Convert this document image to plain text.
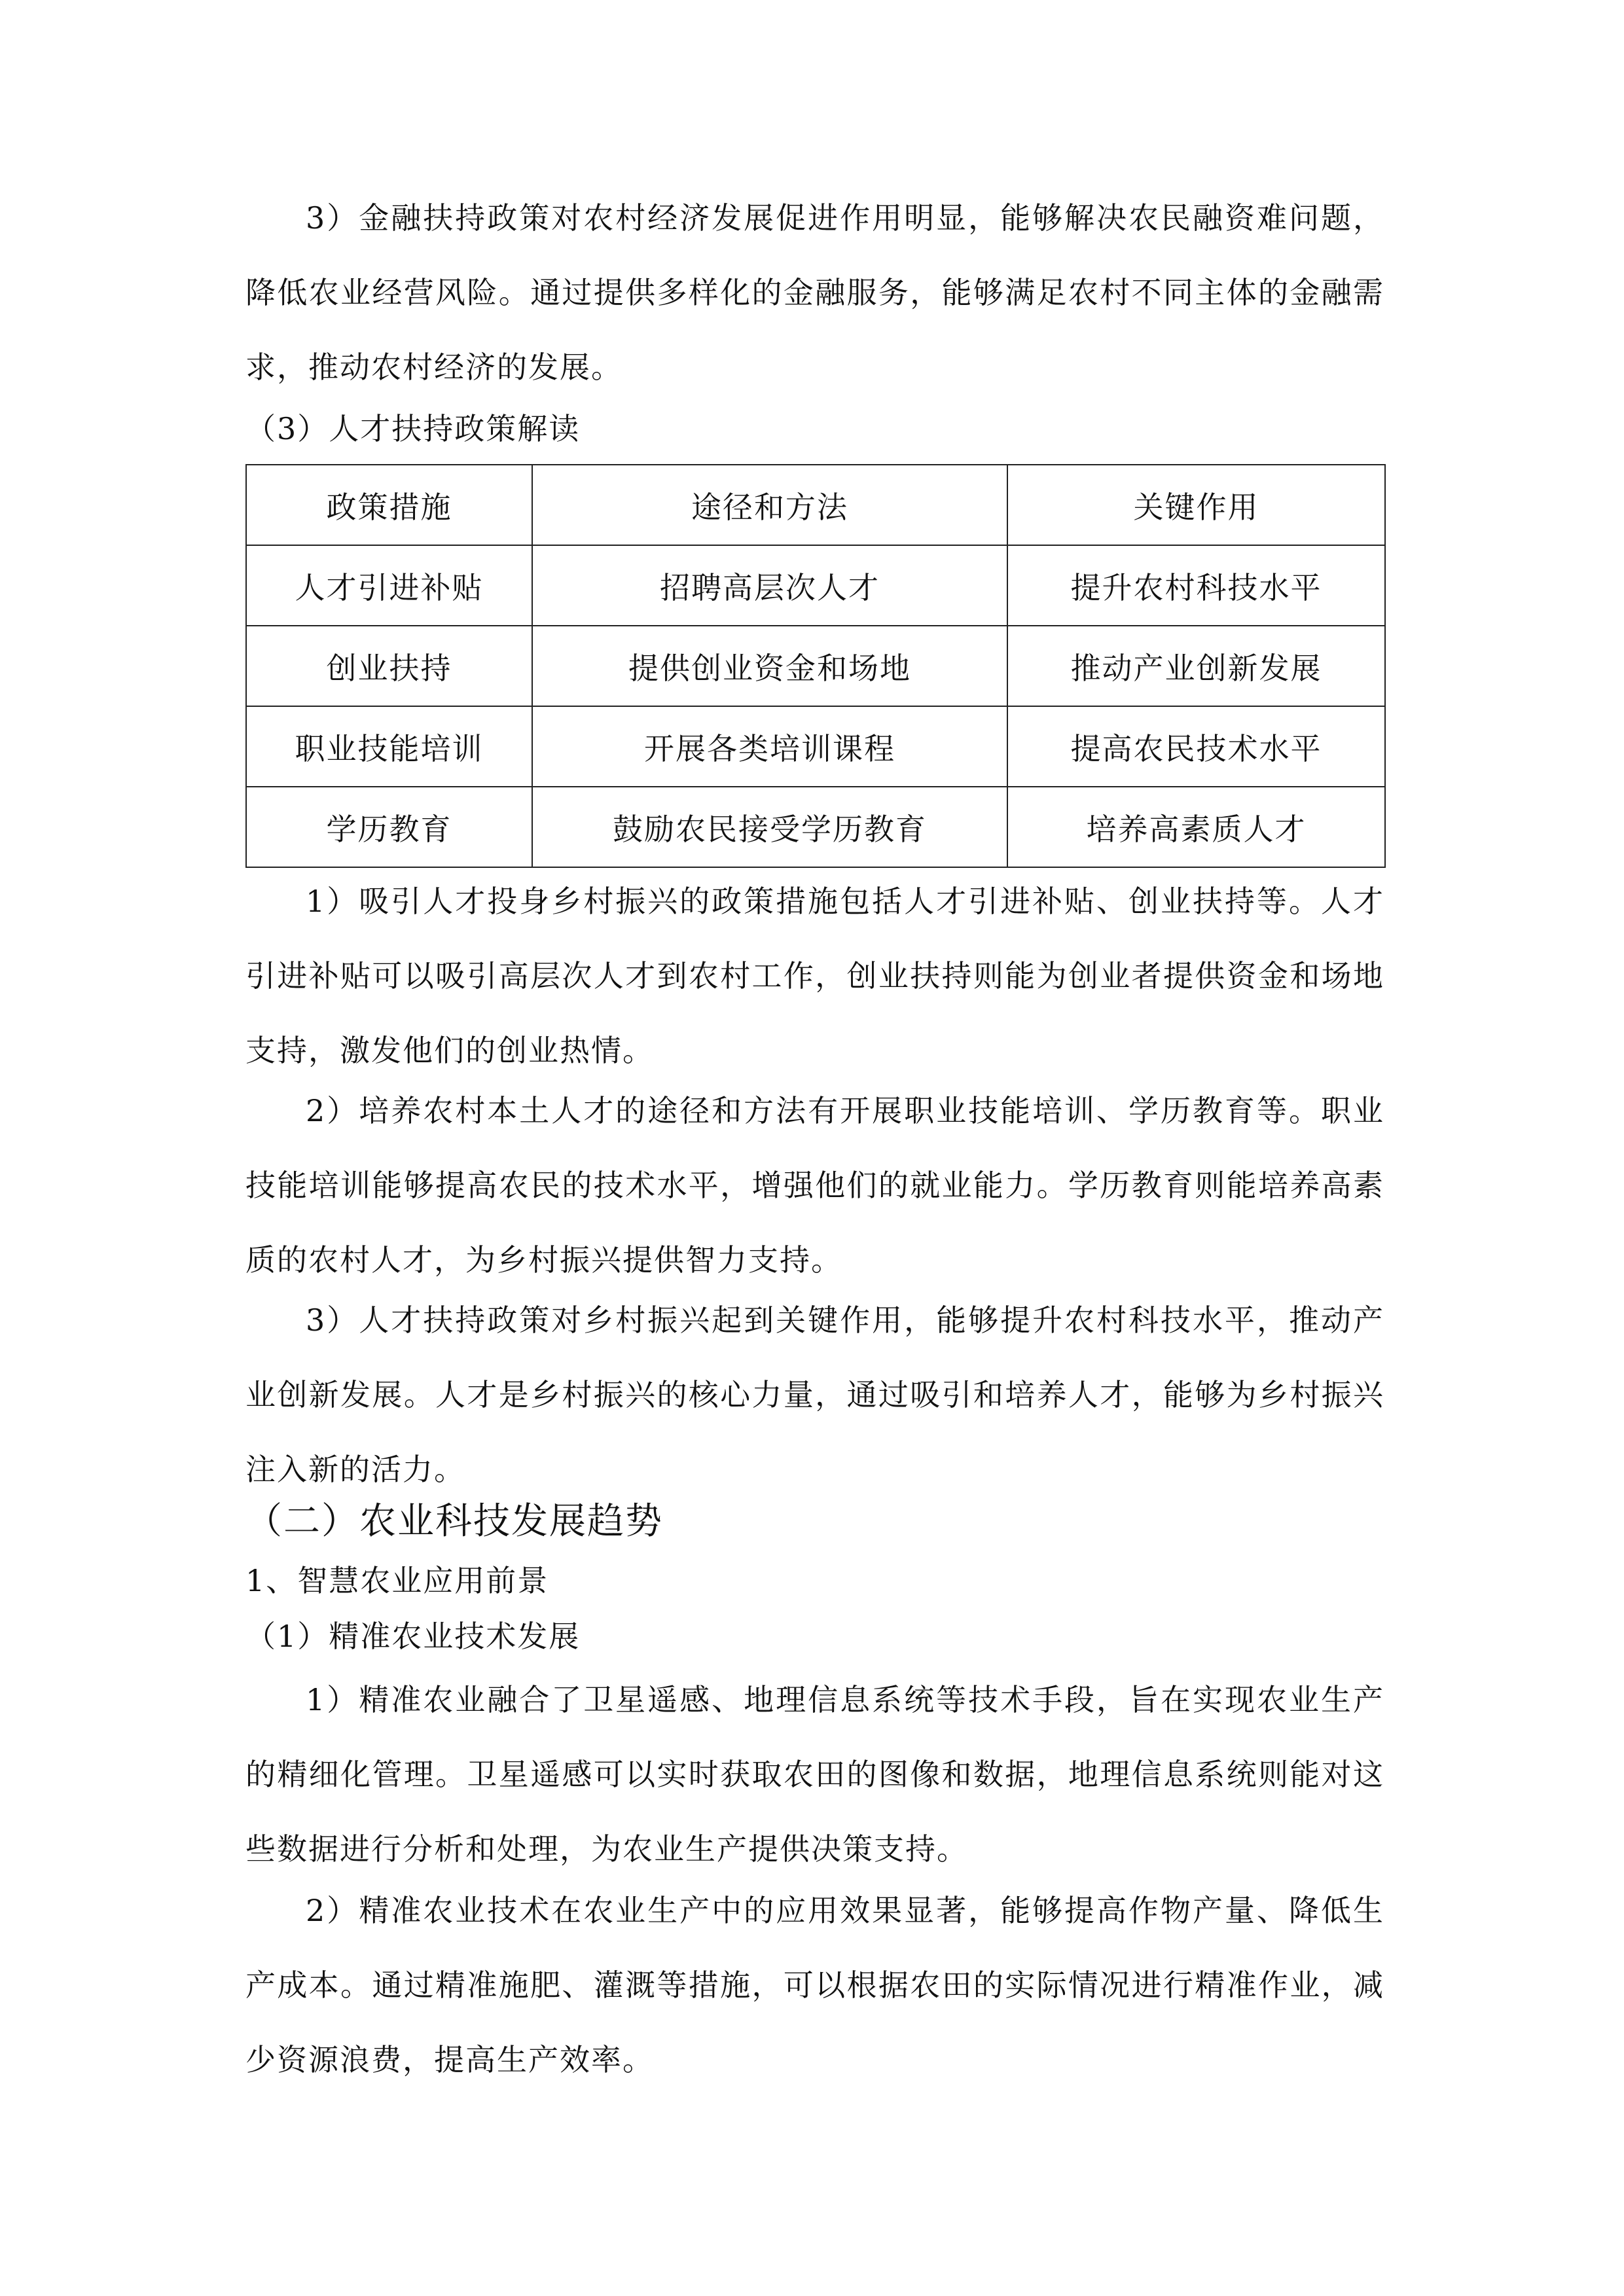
3）金融扶持政策对农村经济发展促进作用明显，能够解决农民融资难问题，降低农业经营风险。通过提供多样化的金融服务，能够满足农村不同主体的金融需求，推动农村经济的发展。

（3）人才扶持政策解读
政策措施	途径和方法	关键作用
人才引进补贴	招聘高层次人才	提升农村科技水平
创业扶持	提供创业资金和场地	推动产业创新发展
职业技能培训	开展各类培训课程	提高农民技术水平
学历教育	鼓励农民接受学历教育	培养高素质人才

1）吸引人才投身乡村振兴的政策措施包括人才引进补贴、创业扶持等。人才引进补贴可以吸引高层次人才到农村工作，创业扶持则能为创业者提供资金和场地支持，激发他们的创业热情。

2）培养农村本土人才的途径和方法有开展职业技能培训、学历教育等。职业技能培训能够提高农民的技术水平，增强他们的就业能力。学历教育则能培养高素质的农村人才，为乡村振兴提供智力支持。

3）人才扶持政策对乡村振兴起到关键作用，能够提升农村科技水平，推动产业创新发展。人才是乡村振兴的核心力量，通过吸引和培养人才，能够为乡村振兴注入新的活力。

（二）农业科技发展趋势
1、智慧农业应用前景
（1）精准农业技术发展

1）精准农业融合了卫星遥感、地理信息系统等技术手段，旨在实现农业生产的精细化管理。卫星遥感可以实时获取农田的图像和数据，地理信息系统则能对这些数据进行分析和处理，为农业生产提供决策支持。

2）精准农业技术在农业生产中的应用效果显著，能够提高作物产量、降低生产成本。通过精准施肥、灌溉等措施，可以根据农田的实际情况进行精准作业，减少资源浪费，提高生产效率。
